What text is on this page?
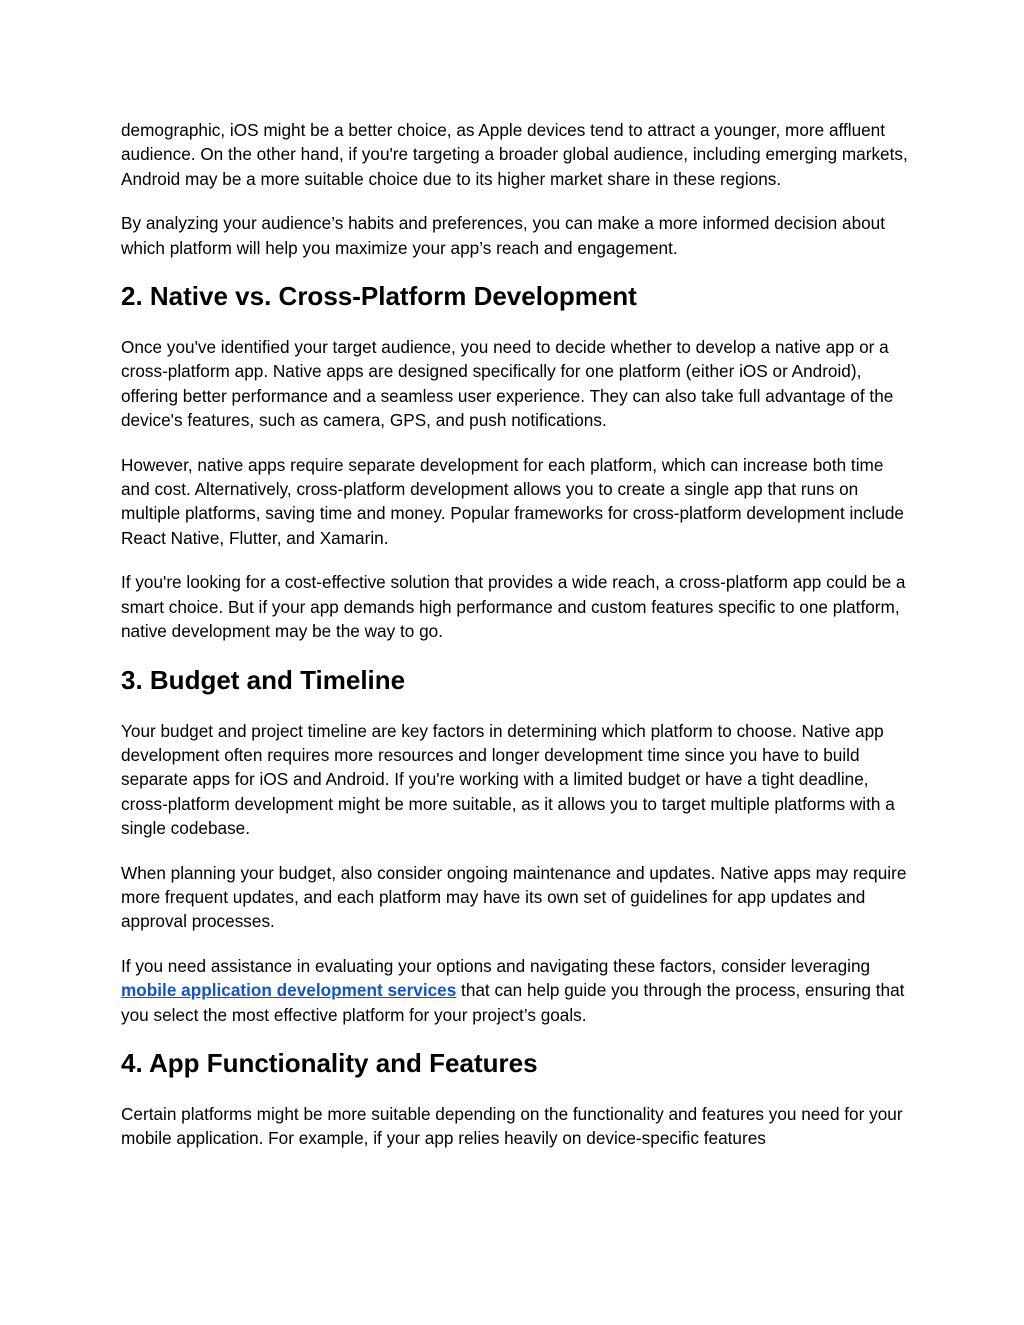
demographic, iOS might be a better choice, as Apple devices tend to attract a younger, more affluent audience. On the other hand, if you're targeting a broader global audience, including emerging markets, Android may be a more suitable choice due to its higher market share in these regions.

By analyzing your audience’s habits and preferences, you can make a more informed decision about which platform will help you maximize your app’s reach and engagement.

2. Native vs. Cross-Platform Development

Once you've identified your target audience, you need to decide whether to develop a native app or a cross-platform app. Native apps are designed specifically for one platform (either iOS or Android), offering better performance and a seamless user experience. They can also take full advantage of the device's features, such as camera, GPS, and push notifications.

However, native apps require separate development for each platform, which can increase both time and cost. Alternatively, cross-platform development allows you to create a single app that runs on multiple platforms, saving time and money. Popular frameworks for cross-platform development include React Native, Flutter, and Xamarin.

If you're looking for a cost-effective solution that provides a wide reach, a cross-platform app could be a smart choice. But if your app demands high performance and custom features specific to one platform, native development may be the way to go.

3. Budget and Timeline

Your budget and project timeline are key factors in determining which platform to choose. Native app development often requires more resources and longer development time since you have to build separate apps for iOS and Android. If you're working with a limited budget or have a tight deadline, cross-platform development might be more suitable, as it allows you to target multiple platforms with a single codebase.

When planning your budget, also consider ongoing maintenance and updates. Native apps may require more frequent updates, and each platform may have its own set of guidelines for app updates and approval processes.

If you need assistance in evaluating your options and navigating these factors, consider leveraging mobile application development services that can help guide you through the process, ensuring that you select the most effective platform for your project’s goals.

4. App Functionality and Features

Certain platforms might be more suitable depending on the functionality and features you need for your mobile application. For example, if your app relies heavily on device-specific features
